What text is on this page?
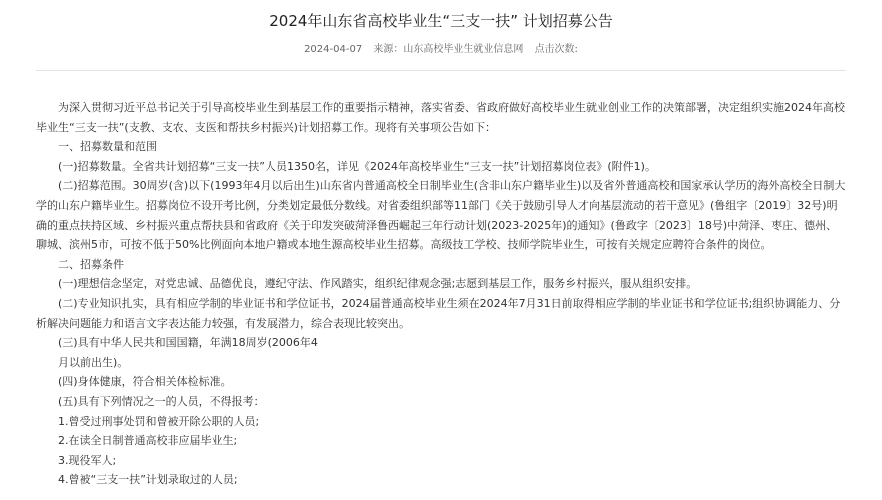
2024年山东省高校毕业生“三支一扶” 计划招募公告
2024-04-07 来源：山东高校毕业生就业信息网 点击次数:

为深入贯彻习近平总书记关于引导高校毕业生到基层工作的重要指示精神，落实省委、省政府做好高校毕业生就业创业工作的决策部署，决定组织实施2024年高校毕业生“三支一扶”(支教、支农、支医和帮扶乡村振兴)计划招募工作。现将有关事项公告如下：

一、招募数量和范围

(一)招募数量。全省共计划招募“三支一扶”人员1350名，详见《2024年高校毕业生“三支一扶”计划招募岗位表》(附件1)。

(二)招募范围。30周岁(含)以下(1993年4月以后出生)山东省内普通高校全日制毕业生(含非山东户籍毕业生)以及省外普通高校和国家承认学历的海外高校全日制大学的山东户籍毕业生。招募岗位不设开考比例，分类划定最低分数线。对省委组织部等11部门《关于鼓励引导人才向基层流动的若干意见》(鲁组字〔2019〕32号)明确的重点扶持区域、乡村振兴重点帮扶县和省政府《关于印发突破菏泽鲁西崛起三年行动计划(2023-2025年)的通知》(鲁政字〔2023〕18号)中菏泽、枣庄、德州、聊城、滨州5市，可按不低于50%比例面向本地户籍或本地生源高校毕业生招募。高级技工学校、技师学院毕业生，可按有关规定应聘符合条件的岗位。

二、招募条件

(一)理想信念坚定，对党忠诚、品德优良，遵纪守法、作风踏实，组织纪律观念强;志愿到基层工作，服务乡村振兴，服从组织安排。

(二)专业知识扎实，具有相应学制的毕业证书和学位证书，2024届普通高校毕业生须在2024年7月31日前取得相应学制的毕业证书和学位证书;组织协调能力、分析解决问题能力和语言文字表达能力较强，有发展潜力，综合表现比较突出。

(三)具有中华人民共和国国籍，年满18周岁(2006年4

月以前出生)。

(四)身体健康，符合相关体检标准。

(五)具有下列情况之一的人员，不得报考：

1.曾受过刑事处罚和曾被开除公职的人员;

2.在读全日制普通高校非应届毕业生;

3.现役军人;

4.曾被“三支一扶”计划录取过的人员;
